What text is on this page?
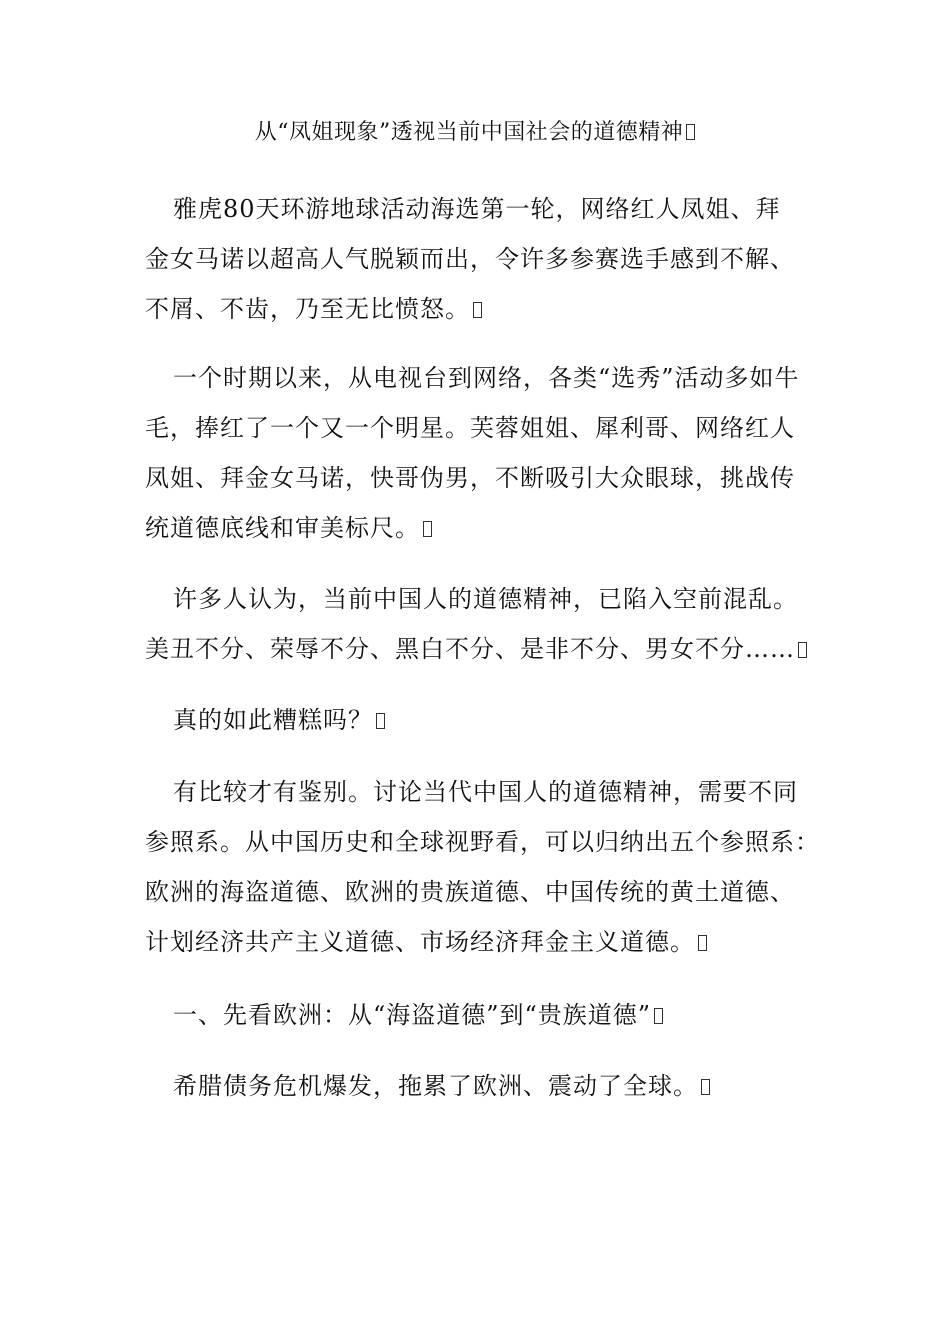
从“凤姐现象”透视当前中国社会的道德精神
雅虎80天环游地球活动海选第一轮，网络红人凤姐、拜
金女马诺以超高人气脱颖而出，令许多参赛选手感到不解、
不屑、不齿，乃至无比愤怒。
一个时期以来，从电视台到网络，各类“选秀”活动多如牛
毛，捧红了一个又一个明星。芙蓉姐姐、犀利哥、网络红人
凤姐、拜金女马诺，快哥伪男，不断吸引大众眼球，挑战传
统道德底线和审美标尺。
许多人认为，当前中国人的道德精神，已陷入空前混乱。
美丑不分、荣辱不分、黑白不分、是非不分、男女不分……
真的如此糟糕吗？
有比较才有鉴别。讨论当代中国人的道德精神，需要不同
参照系。从中国历史和全球视野看，可以归纳出五个参照系：
欧洲的海盗道德、欧洲的贵族道德、中国传统的黄土道德、
计划经济共产主义道德、市场经济拜金主义道德。
一、先看欧洲：从“海盗道德”到“贵族道德”
希腊债务危机爆发，拖累了欧洲、震动了全球。
